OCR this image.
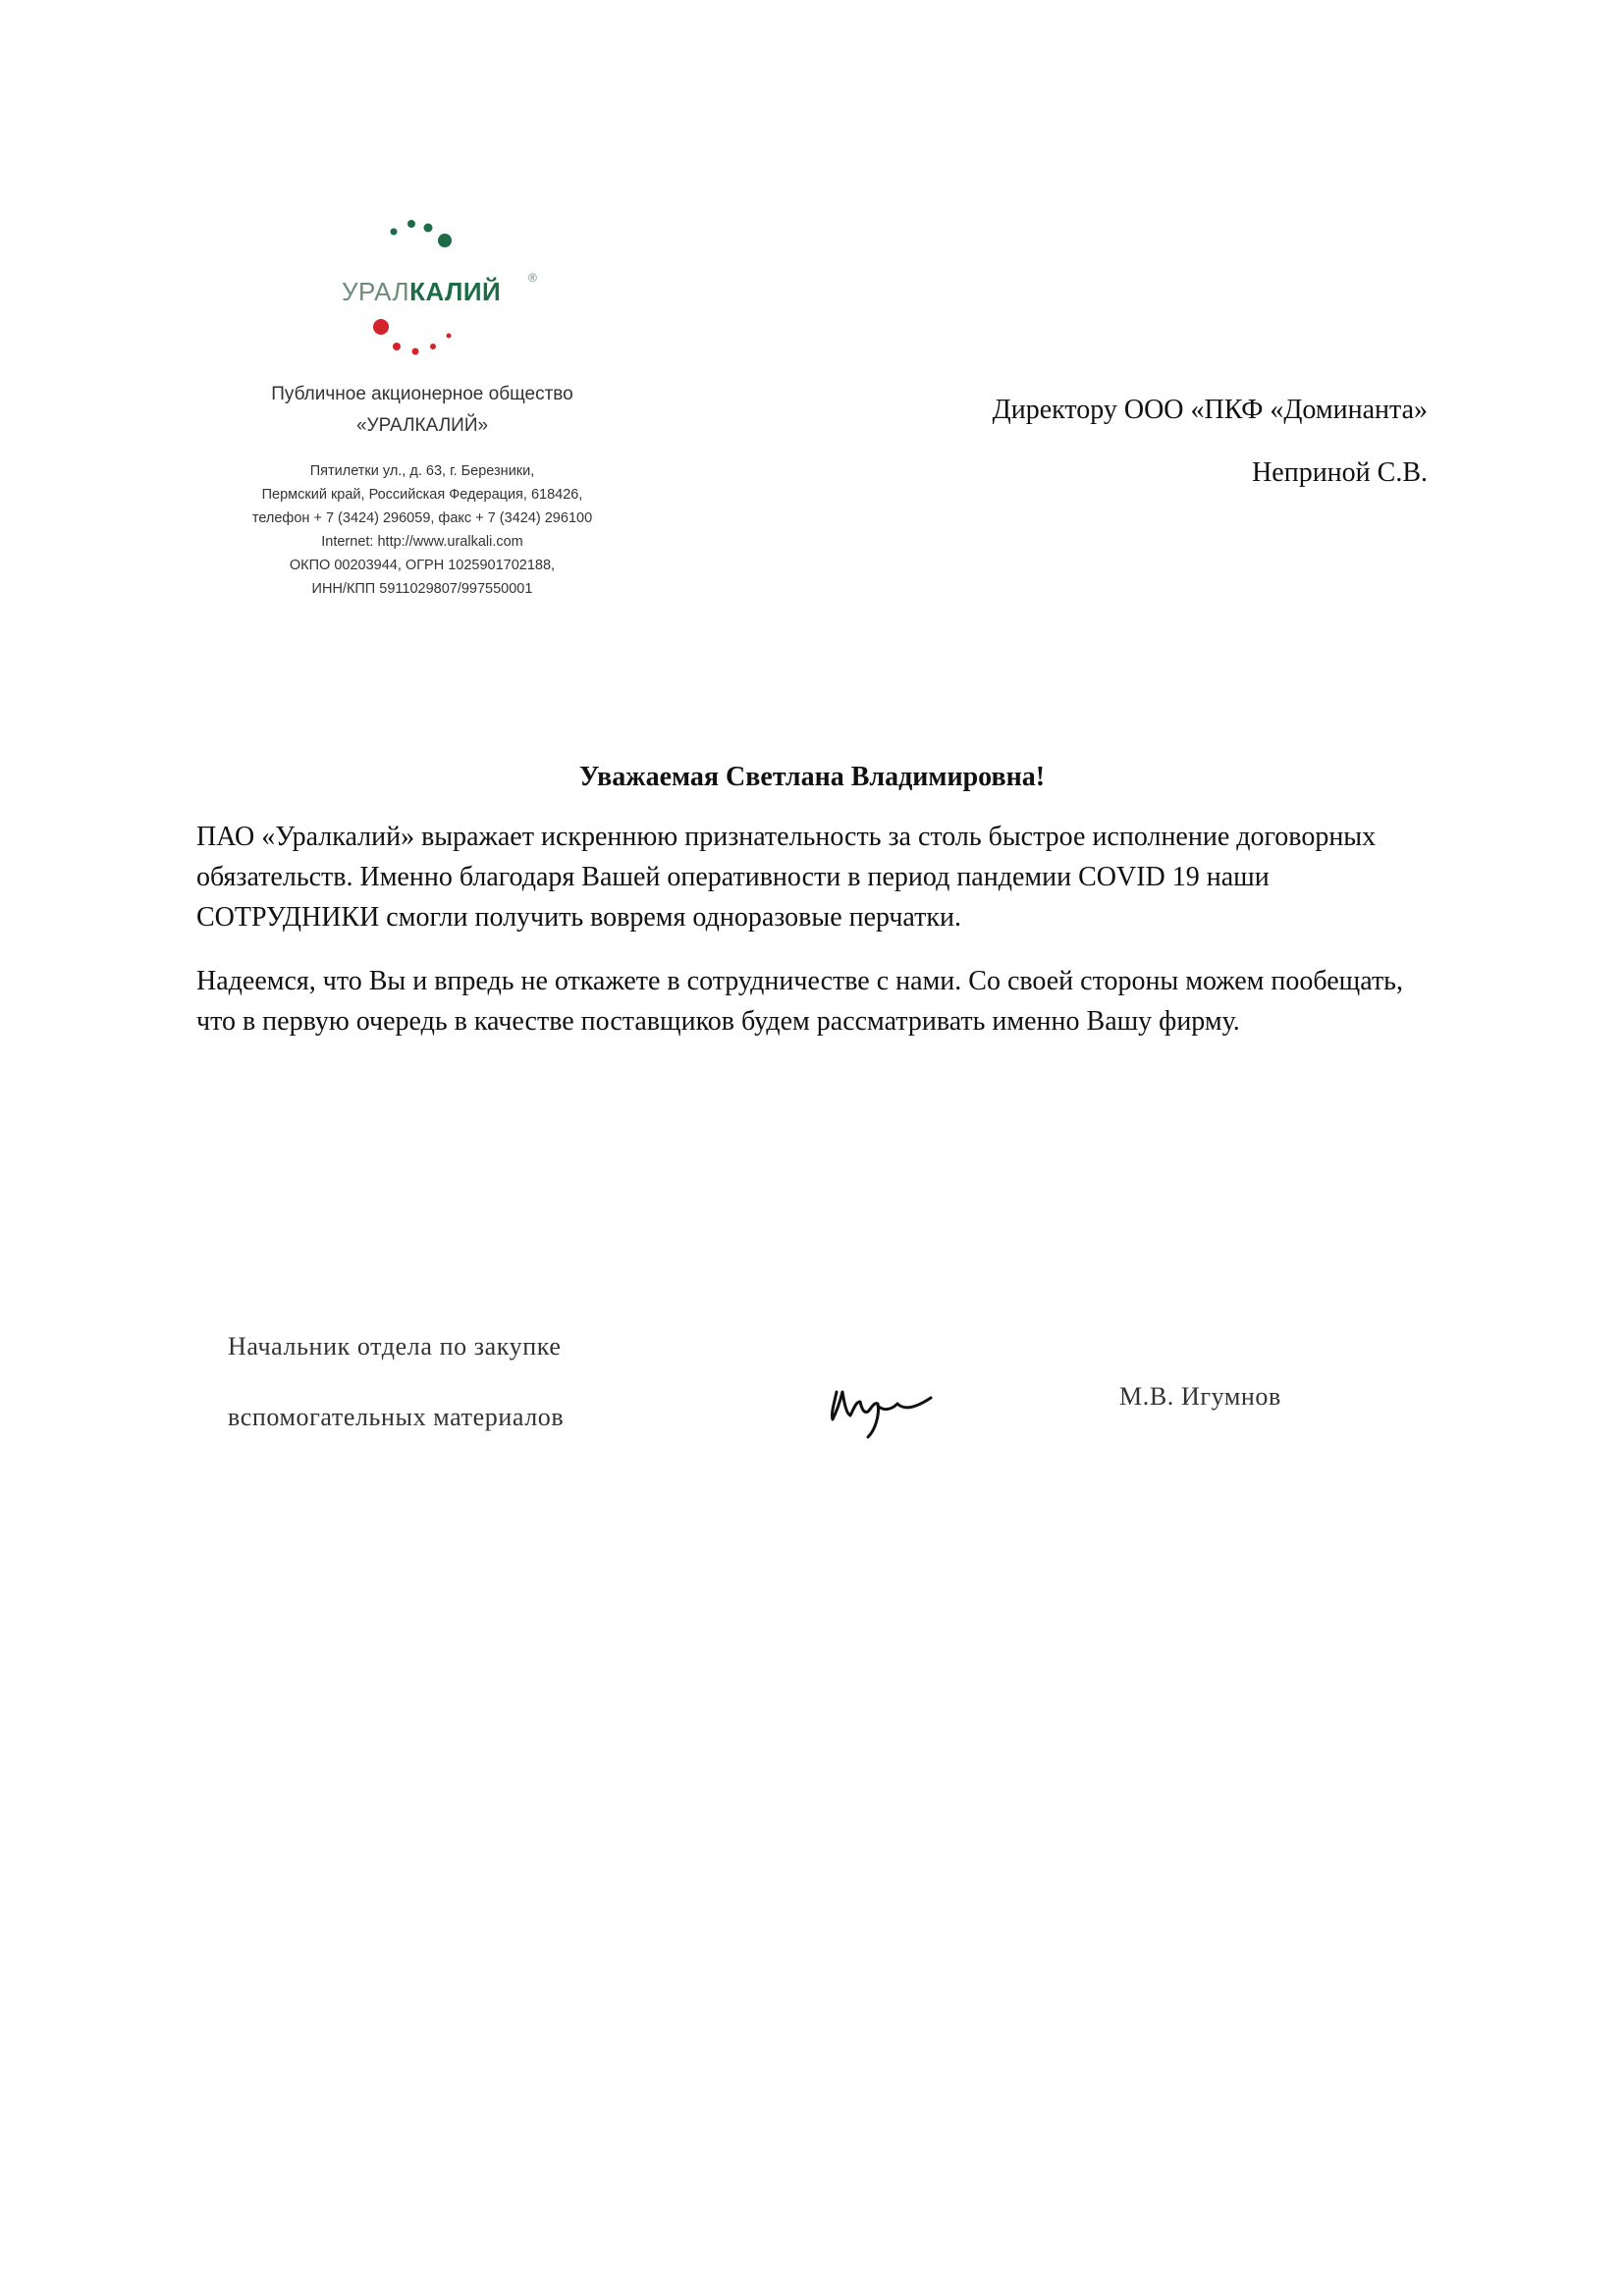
УРАЛКАЛИЙ ®
Публичное акционерное общество
«УРАЛКАЛИЙ»
Пятилетки ул., д. 63, г. Березники,
Пермский край, Российская Федерация, 618426,
телефон + 7 (3424) 296059, факс + 7 (3424) 296100
Internet: http://www.uralkali.com
ОКПО 00203944, ОГРН 1025901702188,
ИНН/КПП 5911029807/997550001
Директору ООО «ПКФ «Доминанта»
Неприной С.В.
Уважаемая Светлана Владимировна!

ПАО «Уралкалий» выражает искреннюю признательность за столь быстрое исполнение договорных обязательств. Именно благодаря Вашей оперативности в период пандемии COVID 19 наши СОТРУДНИКИ смогли получить вовремя одноразовые перчатки.

Надеемся, что Вы и впредь не откажете в сотрудничестве с нами. Со своей стороны можем пообещать, что в первую очередь в качестве поставщиков будем рассматривать именно Вашу фирму.

Начальник отдела по закупке
вспомогательных материалов
М.В. Игумнов
